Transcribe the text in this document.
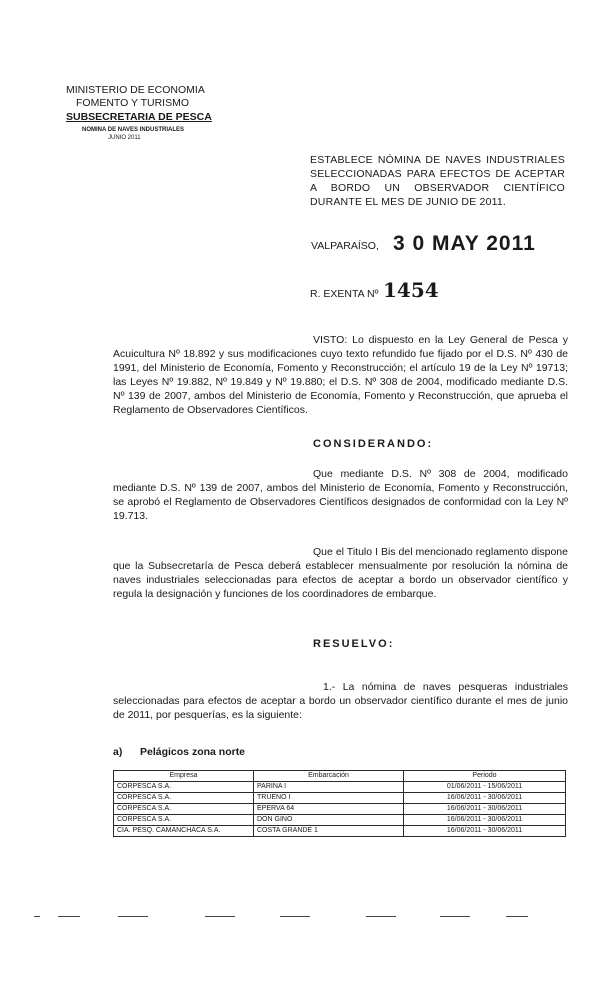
MINISTERIO DE ECONOMIA
FOMENTO Y TURISMO
SUBSECRETARIA DE PESCA
NOMINA DE NAVES INDUSTRIALES
JUNIO 2011
ESTABLECE NÓMINA DE NAVES INDUSTRIALES SELECCIONADAS PARA EFECTOS DE ACEPTAR A BORDO UN OBSERVADOR CIENTÍFICO DURANTE EL MES DE JUNIO DE 2011.
VALPARAÍSO, 3 0 MAY 2011
R. EXENTA Nº 1454
VISTO: Lo dispuesto en la Ley General de Pesca y Acuicultura Nº 18.892 y sus modificaciones cuyo texto refundido fue fijado por el D.S. Nº 430 de 1991, del Ministerio de Economía, Fomento y Reconstrucción; el artículo 19 de la Ley Nº 19713; las Leyes Nº 19.882, Nº 19.849 y Nº 19.880; el D.S. Nº 308 de 2004, modificado mediante D.S. Nº 139 de 2007, ambos del Ministerio de Economía, Fomento y Reconstrucción, que aprueba el Reglamento de Observadores Científicos.
CONSIDERANDO:
Que mediante D.S. Nº 308 de 2004, modificado mediante D.S. Nº 139 de 2007, ambos del Ministerio de Economía, Fomento y Reconstrucción, se aprobó el Reglamento de Observadores Científicos designados de conformidad con la Ley Nº 19.713.
Que el Titulo I Bis del mencionado reglamento dispone que la Subsecretaría de Pesca deberá establecer mensualmente por resolución la nómina de naves industriales seleccionadas para efectos de aceptar a bordo un observador científico y regula la designación y funciones de los coordinadores de embarque.
RESUELVO:
1.- La nómina de naves pesqueras industriales seleccionadas para efectos de aceptar a bordo un observador científico durante el mes de junio de 2011, por pesquerías, es la siguiente:
a) Pelágicos zona norte
Empresa	Embarcación	Periodo
CORPESCA S.A.	PARINA I	01/06/2011 - 15/06/2011
CORPESCA S.A.	TRUENO I	16/06/2011 - 30/06/2011
CORPESCA S.A.	EPERVA 64	16/06/2011 - 30/06/2011
CORPESCA S.A.	DON GINO	16/06/2011 - 30/06/2011
CIA. PESQ. CAMANCHACA S.A.	COSTA GRANDE 1	16/06/2011 - 30/06/2011
